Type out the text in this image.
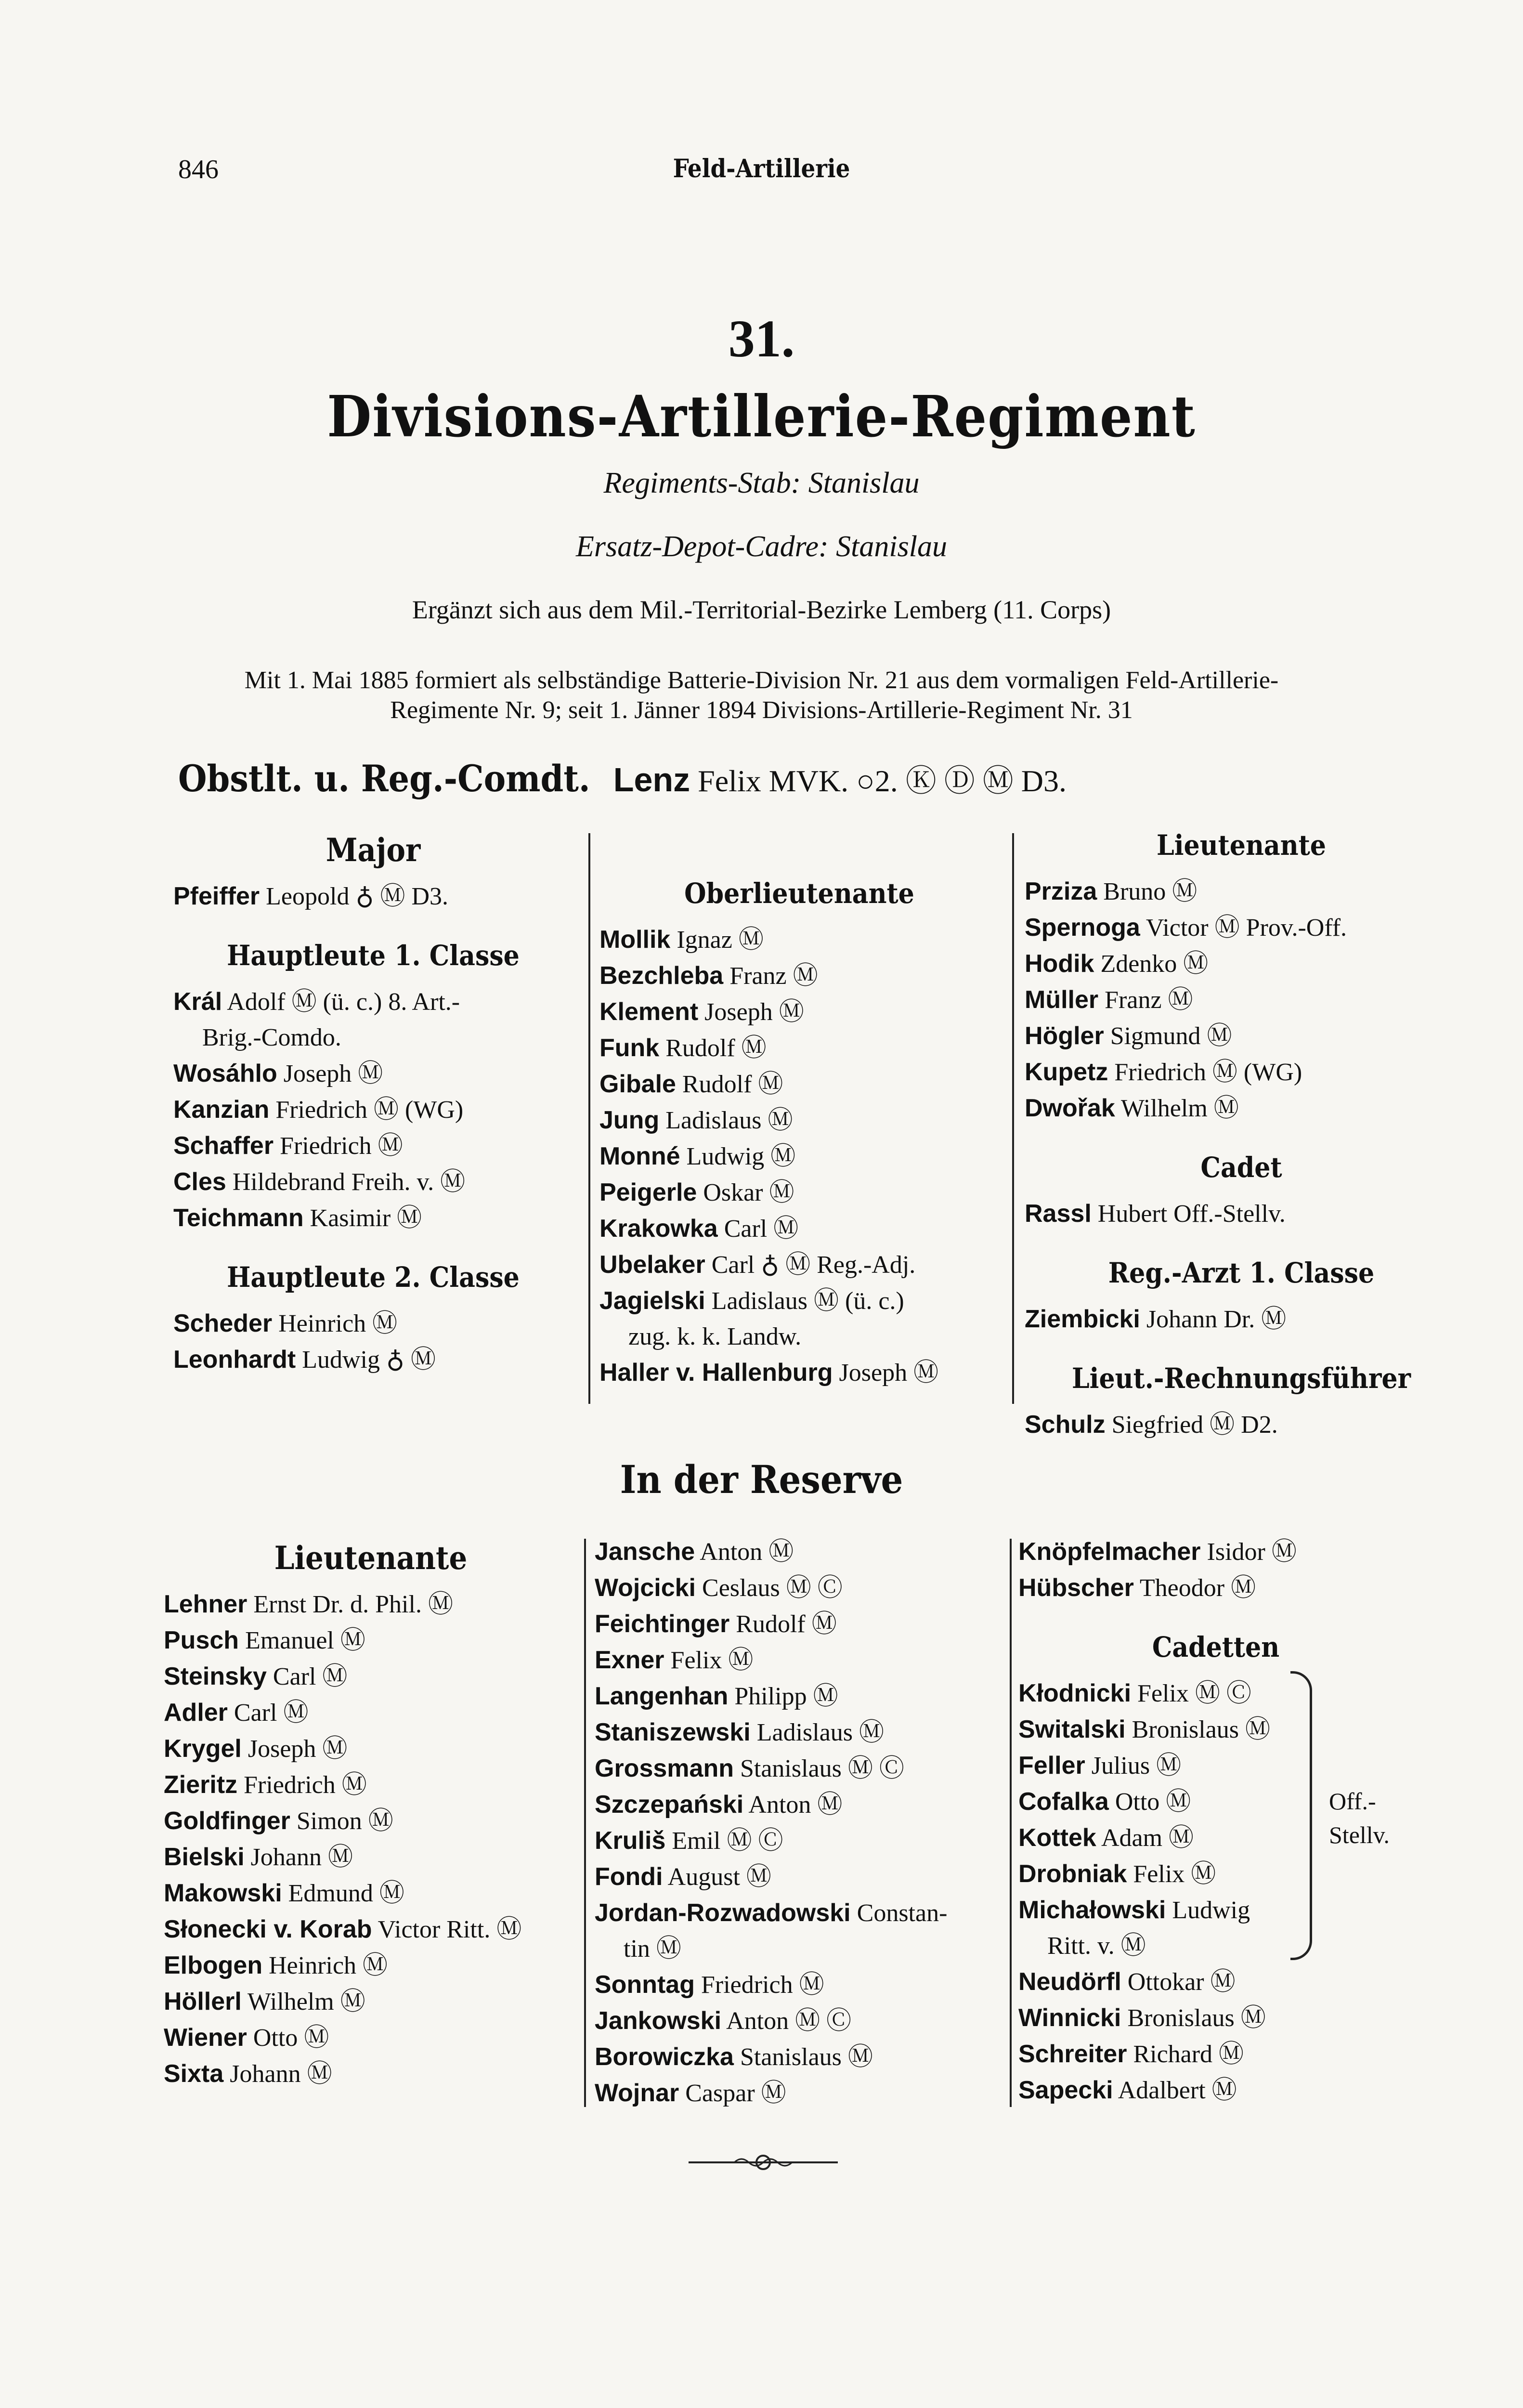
846	Feld-Artillerie
31.
Divisions-Artillerie-Regiment
Regiments-Stab: Stanislau
Ersatz-Depot-Cadre: Stanislau
Ergänzt sich aus dem Mil.-Territorial-Bezirke Lemberg (11. Corps)
Mit 1. Mai 1885 formiert als selbständige Batterie-Division Nr. 21 aus dem vormaligen Feld-Artillerie-
Regimente Nr. 9; seit 1. Jänner 1894 Divisions-Artillerie-Regiment Nr. 31
Obstlt. u. Reg.-Comdt. Lenz Felix MVK. ○2. Ⓚ Ⓓ Ⓜ D3.
Major
Pfeiffer Leopold ♁ Ⓜ D3.
Hauptleute 1. Classe
Král Adolf Ⓜ (ü. c.) 8. Art.-
Brig.-Comdo.
Wosáhlo Joseph Ⓜ
Kanzian Friedrich Ⓜ (WG)
Schaffer Friedrich Ⓜ
Cles Hildebrand Freih. v. Ⓜ
Teichmann Kasimir Ⓜ
Hauptleute 2. Classe
Scheder Heinrich Ⓜ
Leonhardt Ludwig ♁ Ⓜ
Oberlieutenante
Mollik Ignaz Ⓜ
Bezchleba Franz Ⓜ
Klement Joseph Ⓜ
Funk Rudolf Ⓜ
Gibale Rudolf Ⓜ
Jung Ladislaus Ⓜ
Monné Ludwig Ⓜ
Peigerle Oskar Ⓜ
Krakowka Carl Ⓜ
Ubelaker Carl ♁ Ⓜ Reg.-Adj.
Jagielski Ladislaus Ⓜ (ü. c.)
zug. k. k. Landw.
Haller v. Hallenburg Joseph Ⓜ
Lieutenante
Prziza Bruno Ⓜ
Spernoga Victor Ⓜ Prov.-Off.
Hodik Zdenko Ⓜ
Müller Franz Ⓜ
Högler Sigmund Ⓜ
Kupetz Friedrich Ⓜ (WG)
Dwořak Wilhelm Ⓜ
Cadet
Rassl Hubert Off.-Stellv.
Reg.-Arzt 1. Classe
Ziembicki Johann Dr. Ⓜ
Lieut.-Rechnungsführer
Schulz Siegfried Ⓜ D2.
In der Reserve
Lieutenante
Lehner Ernst Dr. d. Phil. Ⓜ
Pusch Emanuel Ⓜ
Steinsky Carl Ⓜ
Adler Carl Ⓜ
Krygel Joseph Ⓜ
Zieritz Friedrich Ⓜ
Goldfinger Simon Ⓜ
Bielski Johann Ⓜ
Makowski Edmund Ⓜ
Słonecki v. Korab Victor Ritt. Ⓜ
Elbogen Heinrich Ⓜ
Höllerl Wilhelm Ⓜ
Wiener Otto Ⓜ
Sixta Johann Ⓜ
Jansche Anton Ⓜ
Wojcicki Ceslaus Ⓜ Ⓒ
Feichtinger Rudolf Ⓜ
Exner Felix Ⓜ
Langenhan Philipp Ⓜ
Staniszewski Ladislaus Ⓜ
Grossmann Stanislaus Ⓜ Ⓒ
Szczepański Anton Ⓜ
Kruliš Emil Ⓜ Ⓒ
Fondi August Ⓜ
Jordan-Rozwadowski Constan-
tin Ⓜ
Sonntag Friedrich Ⓜ
Jankowski Anton Ⓜ Ⓒ
Borowiczka Stanislaus Ⓜ
Wojnar Caspar Ⓜ
Knöpfelmacher Isidor Ⓜ
Hübscher Theodor Ⓜ
Cadetten
Kłodnicki Felix Ⓜ Ⓒ
Switalski Bronislaus Ⓜ
Feller Julius Ⓜ
Cofalka Otto Ⓜ
Kottek Adam Ⓜ
Drobniak Felix Ⓜ
Michałowski Ludwig
Ritt. v. Ⓜ
Neudörfl Ottokar Ⓜ
Winnicki Bronislaus Ⓜ
Schreiter Richard Ⓜ
Sapecki Adalbert Ⓜ
Off.-Stellv.
